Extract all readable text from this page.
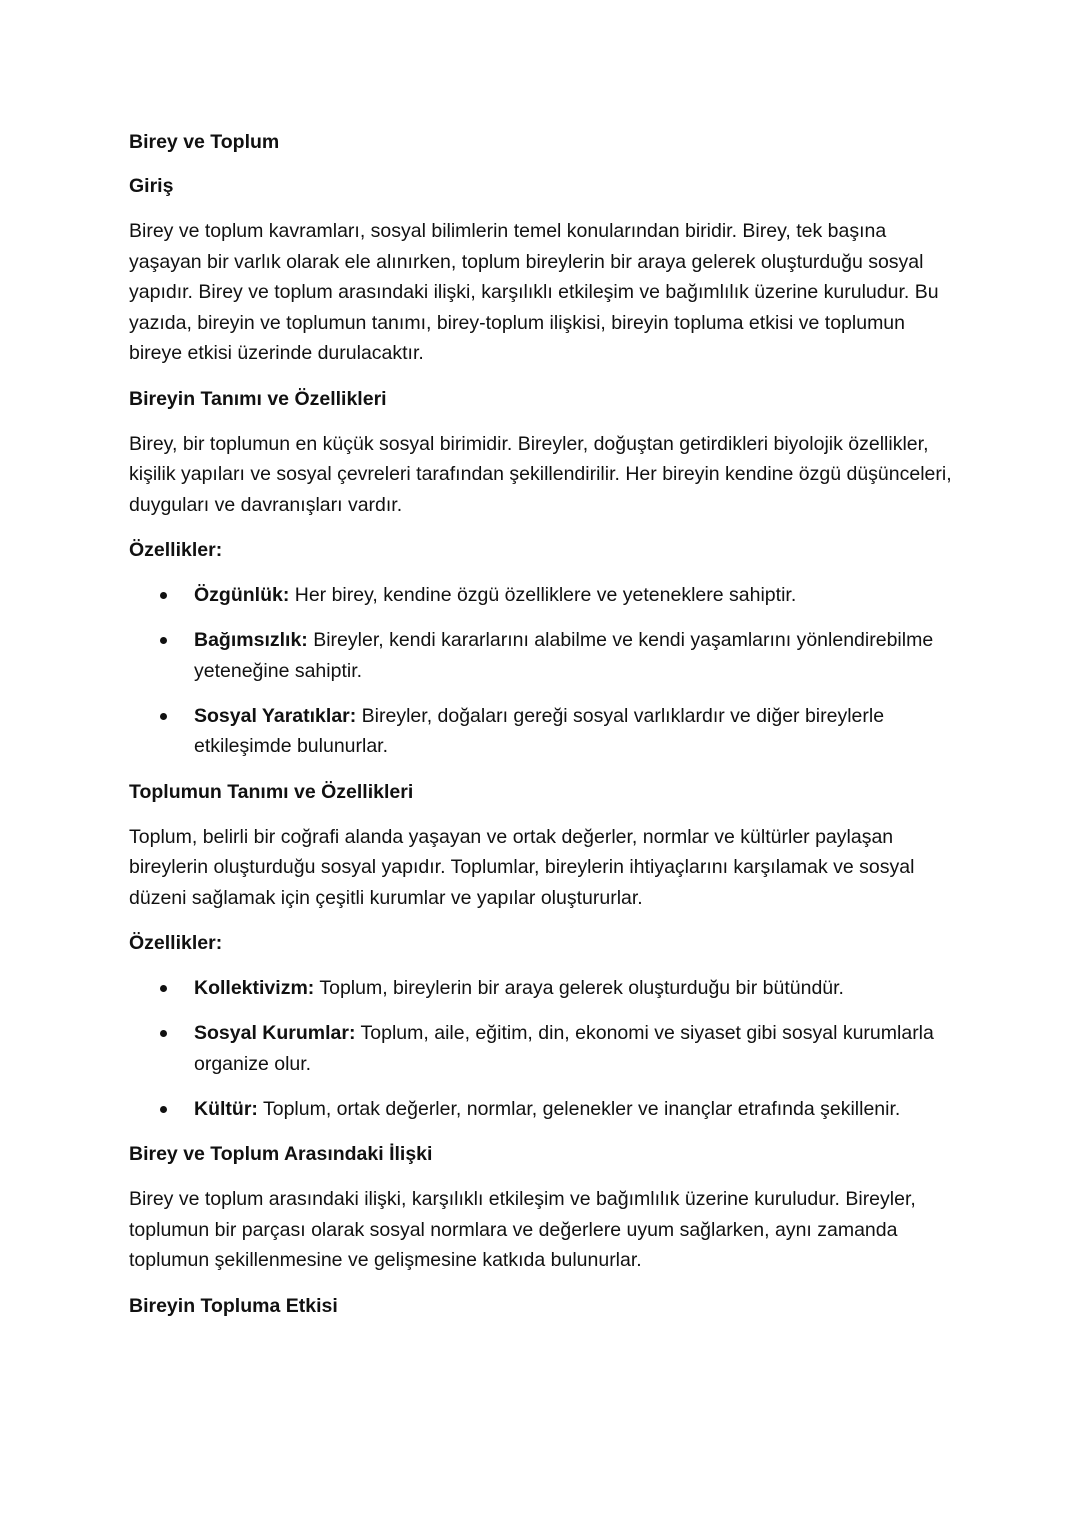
Birey ve Toplum
Giriş

Birey ve toplum kavramları, sosyal bilimlerin temel konularından biridir. Birey, tek başına yaşayan bir varlık olarak ele alınırken, toplum bireylerin bir araya gelerek oluşturduğu sosyal yapıdır. Birey ve toplum arasındaki ilişki, karşılıklı etkileşim ve bağımlılık üzerine kuruludur. Bu yazıda, bireyin ve toplumun tanımı, birey-toplum ilişkisi, bireyin topluma etkisi ve toplumun bireye etkisi üzerinde durulacaktır.

Bireyin Tanımı ve Özellikleri

Birey, bir toplumun en küçük sosyal birimidir. Bireyler, doğuştan getirdikleri biyolojik özellikler, kişilik yapıları ve sosyal çevreleri tarafından şekillendirilir. Her bireyin kendine özgü düşünceleri, duyguları ve davranışları vardır.

Özellikler:
Özgünlük: Her birey, kendine özgü özelliklere ve yeteneklere sahiptir.
Bağımsızlık: Bireyler, kendi kararlarını alabilme ve kendi yaşamlarını yönlendirebilme yeteneğine sahiptir.
Sosyal Yaratıklar: Bireyler, doğaları gereği sosyal varlıklardır ve diğer bireylerle etkileşimde bulunurlar.
Toplumun Tanımı ve Özellikleri

Toplum, belirli bir coğrafi alanda yaşayan ve ortak değerler, normlar ve kültürler paylaşan bireylerin oluşturduğu sosyal yapıdır. Toplumlar, bireylerin ihtiyaçlarını karşılamak ve sosyal düzeni sağlamak için çeşitli kurumlar ve yapılar oluştururlar.

Özellikler:
Kollektivizm: Toplum, bireylerin bir araya gelerek oluşturduğu bir bütündür.
Sosyal Kurumlar: Toplum, aile, eğitim, din, ekonomi ve siyaset gibi sosyal kurumlarla organize olur.
Kültür: Toplum, ortak değerler, normlar, gelenekler ve inançlar etrafında şekillenir.
Birey ve Toplum Arasındaki İlişki

Birey ve toplum arasındaki ilişki, karşılıklı etkileşim ve bağımlılık üzerine kuruludur. Bireyler, toplumun bir parçası olarak sosyal normlara ve değerlere uyum sağlarken, aynı zamanda toplumun şekillenmesine ve gelişmesine katkıda bulunurlar.

Bireyin Topluma Etkisi
